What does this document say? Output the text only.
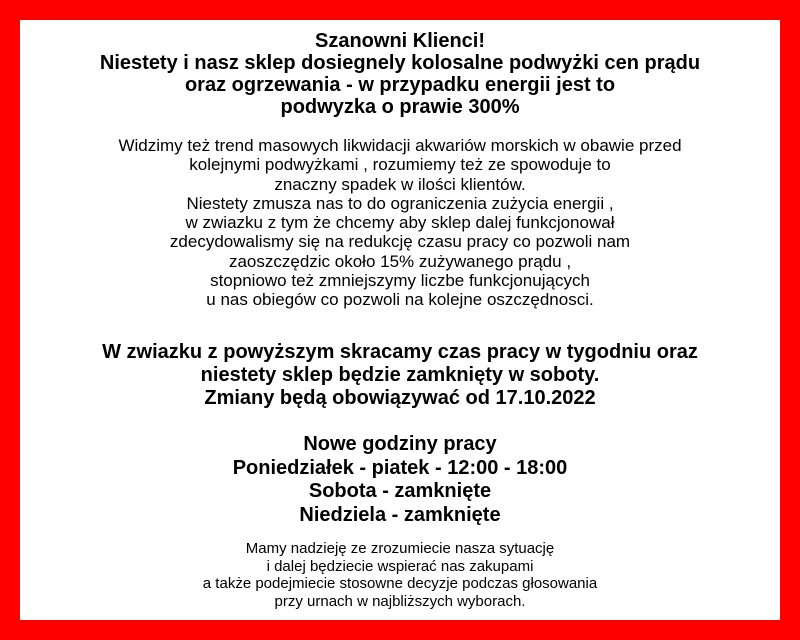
Szanowni Klienci!
Niestety i nasz sklep dosiegnely kolosalne podwyżki cen prądu
oraz ogrzewania - w przypadku energii jest to
podwyzka o prawie 300%
Widzimy też trend masowych likwidacji akwariów morskich w obawie przed
kolejnymi podwyżkami , rozumiemy też ze spowoduje to
znaczny spadek w ilości klientów.
Niestety zmusza nas to do ograniczenia zużycia energii ,
w zwiazku z tym że chcemy aby sklep dalej funkcjonował
zdecydowalismy się na redukcję czasu pracy co pozwoli nam
zaoszczędzic około 15% zużywanego prądu ,
stopniowo też zmniejszymy liczbe funkcjonujących
u nas obiegów co pozwoli na kolejne oszczędnosci.
W zwiazku z powyższym skracamy czas pracy w tygodniu oraz
niestety sklep będzie zamknięty w soboty.
Zmiany będą obowiązywać od 17.10.2022
Nowe godziny pracy
Poniedziałek - piatek - 12:00 - 18:00
Sobota - zamknięte
Niedziela - zamknięte
Mamy nadzieję ze zrozumiecie nasza sytuację
i dalej będziecie wspierać nas zakupami
a także podejmiecie stosowne decyzje podczas głosowania
przy urnach w najbliższych wyborach.
